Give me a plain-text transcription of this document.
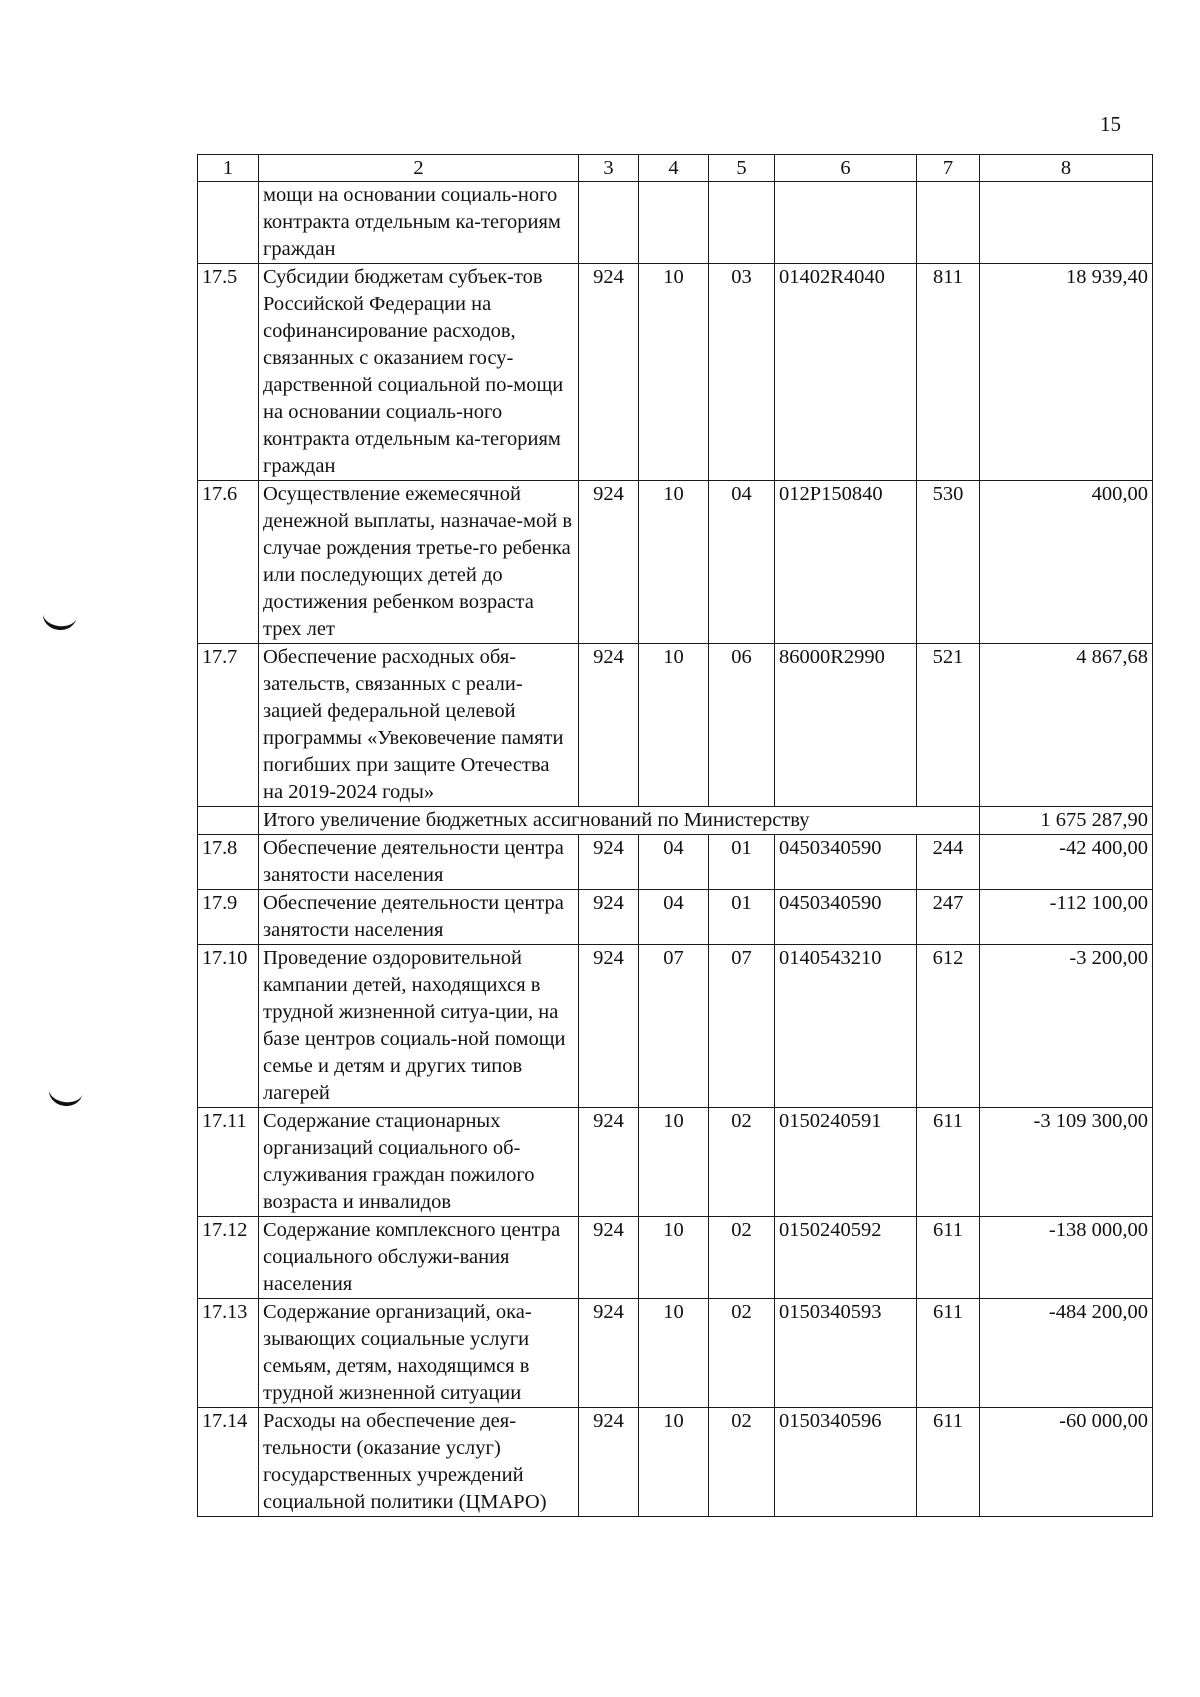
15
1	2	3	4	5	6	7	8
	мощи на основании социаль-ного контракта отдельным ка-тегориям граждан						
17.5	Субсидии бюджетам субъек-тов Российской Федерации на софинансирование расходов, связанных с оказанием госу-дарственной социальной по-мощи на основании социаль-ного контракта отдельным ка-тегориям граждан	924	10	03	01402R4040	811	18 939,40
17.6	Осуществление ежемесячной денежной выплаты, назначае-мой в случае рождения третье-го ребенка или последующих детей до достижения ребенком возраста трех лет	924	10	04	012P150840	530	400,00
17.7	Обеспечение расходных обя-зательств, связанных с реали-зацией федеральной целевой программы «Увековечение памяти погибших при защите Отечества на 2019-2024 годы»	924	10	06	86000R2990	521	4 867,68
	Итого увеличение бюджетных ассигнований по Министерству						1 675 287,90
17.8	Обеспечение деятельности центра занятости населения	924	04	01	0450340590	244	-42 400,00
17.9	Обеспечение деятельности центра занятости населения	924	04	01	0450340590	247	-112 100,00
17.10	Проведение оздоровительной кампании детей, находящихся в трудной жизненной ситуа-ции, на базе центров социаль-ной помощи семье и детям и других типов лагерей	924	07	07	0140543210	612	-3 200,00
17.11	Содержание стационарных организаций социального об-служивания граждан пожилого возраста и инвалидов	924	10	02	0150240591	611	-3 109 300,00
17.12	Содержание комплексного центра социального обслужи-вания населения	924	10	02	0150240592	611	-138 000,00
17.13	Содержание организаций, ока-зывающих социальные услуги семьям, детям, находящимся в трудной жизненной ситуации	924	10	02	0150340593	611	-484 200,00
17.14	Расходы на обеспечение дея-тельности (оказание услуг) государственных учреждений социальной политики (ЦМАРО)	924	10	02	0150340596	611	-60 000,00
